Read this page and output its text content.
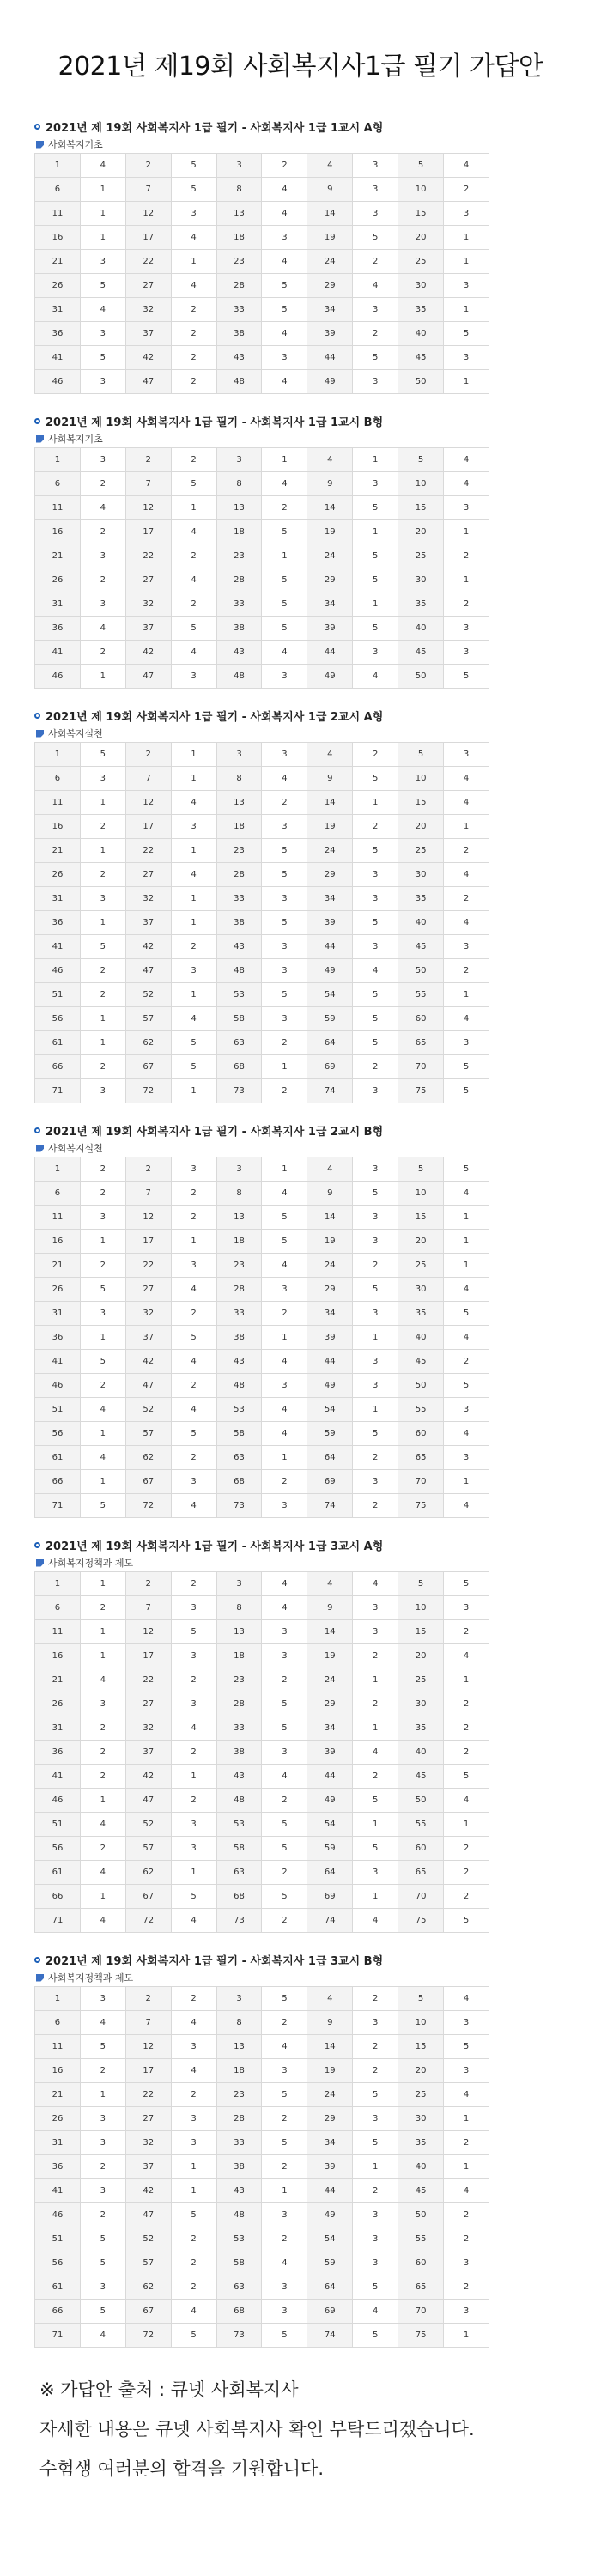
2021년 제19회 사회복지사1급 필기 가답안
2021년 제 19회 사회복지사 1급 필기 - 사회복지사 1급 1교시 A형
사회복지기초
1	4	2	5	3	2	4	3	5	4
6	1	7	5	8	4	9	3	10	2
11	1	12	3	13	4	14	3	15	3
16	1	17	4	18	3	19	5	20	1
21	3	22	1	23	4	24	2	25	1
26	5	27	4	28	5	29	4	30	3
31	4	32	2	33	5	34	3	35	1
36	3	37	2	38	4	39	2	40	5
41	5	42	2	43	3	44	5	45	3
46	3	47	2	48	4	49	3	50	1
2021년 제 19회 사회복지사 1급 필기 - 사회복지사 1급 1교시 B형
사회복지기초
1	3	2	2	3	1	4	1	5	4
6	2	7	5	8	4	9	3	10	4
11	4	12	1	13	2	14	5	15	3
16	2	17	4	18	5	19	1	20	1
21	3	22	2	23	1	24	5	25	2
26	2	27	4	28	5	29	5	30	1
31	3	32	2	33	5	34	1	35	2
36	4	37	5	38	5	39	5	40	3
41	2	42	4	43	4	44	3	45	3
46	1	47	3	48	3	49	4	50	5
2021년 제 19회 사회복지사 1급 필기 - 사회복지사 1급 2교시 A형
사회복지실천
1	5	2	1	3	3	4	2	5	3
6	3	7	1	8	4	9	5	10	4
11	1	12	4	13	2	14	1	15	4
16	2	17	3	18	3	19	2	20	1
21	1	22	1	23	5	24	5	25	2
26	2	27	4	28	5	29	3	30	4
31	3	32	1	33	3	34	3	35	2
36	1	37	1	38	5	39	5	40	4
41	5	42	2	43	3	44	3	45	3
46	2	47	3	48	3	49	4	50	2
51	2	52	1	53	5	54	5	55	1
56	1	57	4	58	3	59	5	60	4
61	1	62	5	63	2	64	5	65	3
66	2	67	5	68	1	69	2	70	5
71	3	72	1	73	2	74	3	75	5
2021년 제 19회 사회복지사 1급 필기 - 사회복지사 1급 2교시 B형
사회복지실천
1	2	2	3	3	1	4	3	5	5
6	2	7	2	8	4	9	5	10	4
11	3	12	2	13	5	14	3	15	1
16	1	17	1	18	5	19	3	20	1
21	2	22	3	23	4	24	2	25	1
26	5	27	4	28	3	29	5	30	4
31	3	32	2	33	2	34	3	35	5
36	1	37	5	38	1	39	1	40	4
41	5	42	4	43	4	44	3	45	2
46	2	47	2	48	3	49	3	50	5
51	4	52	4	53	4	54	1	55	3
56	1	57	5	58	4	59	5	60	4
61	4	62	2	63	1	64	2	65	3
66	1	67	3	68	2	69	3	70	1
71	5	72	4	73	3	74	2	75	4
2021년 제 19회 사회복지사 1급 필기 - 사회복지사 1급 3교시 A형
사회복지정책과 제도
1	1	2	2	3	4	4	4	5	5
6	2	7	3	8	4	9	3	10	3
11	1	12	5	13	3	14	3	15	2
16	1	17	3	18	3	19	2	20	4
21	4	22	2	23	2	24	1	25	1
26	3	27	3	28	5	29	2	30	2
31	2	32	4	33	5	34	1	35	2
36	2	37	2	38	3	39	4	40	2
41	2	42	1	43	4	44	2	45	5
46	1	47	2	48	2	49	5	50	4
51	4	52	3	53	5	54	1	55	1
56	2	57	3	58	5	59	5	60	2
61	4	62	1	63	2	64	3	65	2
66	1	67	5	68	5	69	1	70	2
71	4	72	4	73	2	74	4	75	5
2021년 제 19회 사회복지사 1급 필기 - 사회복지사 1급 3교시 B형
사회복지정책과 제도
1	3	2	2	3	5	4	2	5	4
6	4	7	4	8	2	9	3	10	3
11	5	12	3	13	4	14	2	15	5
16	2	17	4	18	3	19	2	20	3
21	1	22	2	23	5	24	5	25	4
26	3	27	3	28	2	29	3	30	1
31	3	32	3	33	5	34	5	35	2
36	2	37	1	38	2	39	1	40	1
41	3	42	1	43	1	44	2	45	4
46	2	47	5	48	3	49	3	50	2
51	5	52	2	53	2	54	3	55	2
56	5	57	2	58	4	59	3	60	3
61	3	62	2	63	3	64	5	65	2
66	5	67	4	68	3	69	4	70	3
71	4	72	5	73	5	74	5	75	1
※ 가답안 출처 : 큐넷 사회복지사
자세한 내용은 큐넷 사회복지사 확인 부탁드리겠습니다.
수험생 여러분의 합격을 기원합니다.
